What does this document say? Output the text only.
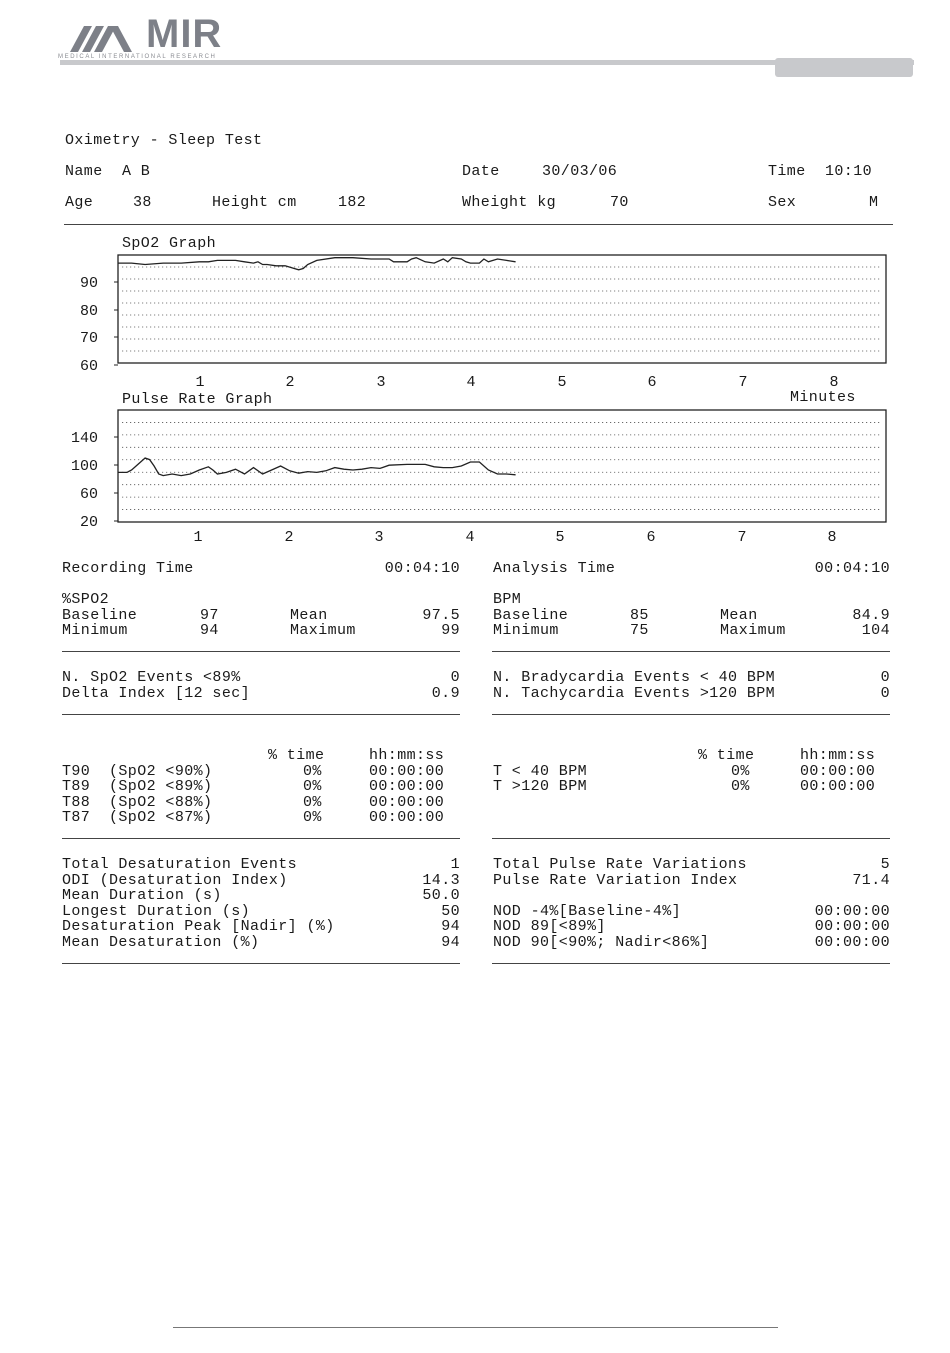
MIR

MEDICAL INTERNATIONAL RESEARCH

Oximetry - Sleep Test
Name A B	Date	30/03/06	Time 10:10
Age	38	Height cm	182	Wheight kg	70	Sex	M
SpO2 Graph
90
80
70
60
1	2	3	4	5	6	7	8
Pulse Rate Graph	Minutes
140
100
60
20
1	2	3	4	5	6	7	8
Recording Time	00:04:10 Analysis Time	00:04:10
%SPO2
Baseline	97	Mean	97.5
Minimum	94	Maximum	99
BPM
Baseline	85	Mean	84.9
Minimum	75	Maximum	104
N. SpO2 Events <89%	0
Delta Index [12 sec]	0.9
N. Bradycardia Events < 40 BPM	0
N. Tachycardia Events >120 BPM	0
% time	hh:mm:ss	% time	hh:mm:ss
T90  (SpO2 <90%)	0%	00:00:00
T89  (SpO2 <89%)	0%	00:00:00
T88  (SpO2 <88%)	0%	00:00:00
T87  (SpO2 <87%)	0%	00:00:00
T < 40 BPM	0%	00:00:00
T >120 BPM	0%	00:00:00
Total Desaturation Events	1
ODI (Desaturation Index)	14.3
Mean Duration (s)	50.0
Longest Duration (s)	50
Desaturation Peak [Nadir] (%)	94
Mean Desaturation (%)	94
Total Pulse Rate Variations	5
Pulse Rate Variation Index	71.4
NOD -4%[Baseline-4%]	00:00:00
NOD 89[<89%]	00:00:00
NOD 90[<90%; Nadir<86%]	00:00:00
